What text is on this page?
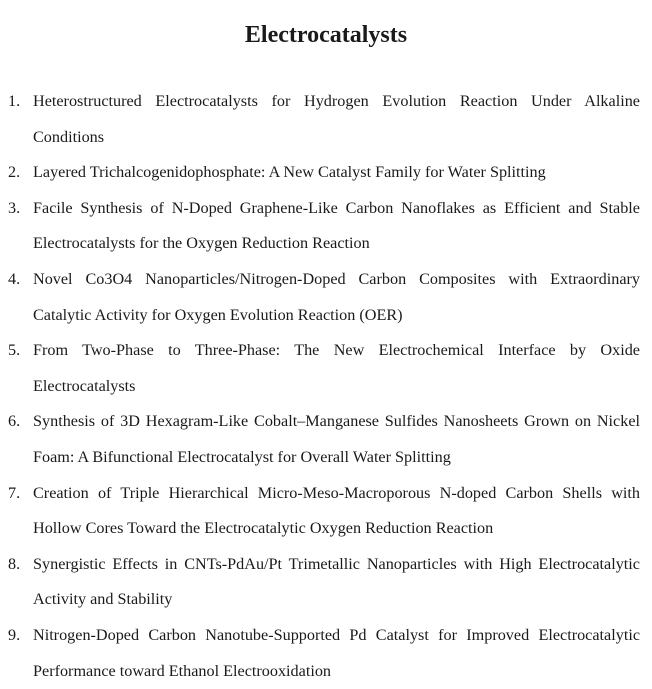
Electrocatalysts
1. Heterostructured Electrocatalysts for Hydrogen Evolution Reaction Under Alkaline Conditions
2. Layered Trichalcogenidophosphate: A New Catalyst Family for Water Splitting
3. Facile Synthesis of N-Doped Graphene-Like Carbon Nanoflakes as Efficient and Stable Electrocatalysts for the Oxygen Reduction Reaction
4. Novel Co3O4 Nanoparticles/Nitrogen-Doped Carbon Composites with Extraordinary Catalytic Activity for Oxygen Evolution Reaction (OER)
5. From Two-Phase to Three-Phase: The New Electrochemical Interface by Oxide Electrocatalysts
6. Synthesis of 3D Hexagram-Like Cobalt–Manganese Sulfides Nanosheets Grown on Nickel Foam: A Bifunctional Electrocatalyst for Overall Water Splitting
7. Creation of Triple Hierarchical Micro-Meso-Macroporous N-doped Carbon Shells with Hollow Cores Toward the Electrocatalytic Oxygen Reduction Reaction
8. Synergistic Effects in CNTs-PdAu/Pt Trimetallic Nanoparticles with High Electrocatalytic Activity and Stability
9. Nitrogen-Doped Carbon Nanotube-Supported Pd Catalyst for Improved Electrocatalytic Performance toward Ethanol Electrooxidation
